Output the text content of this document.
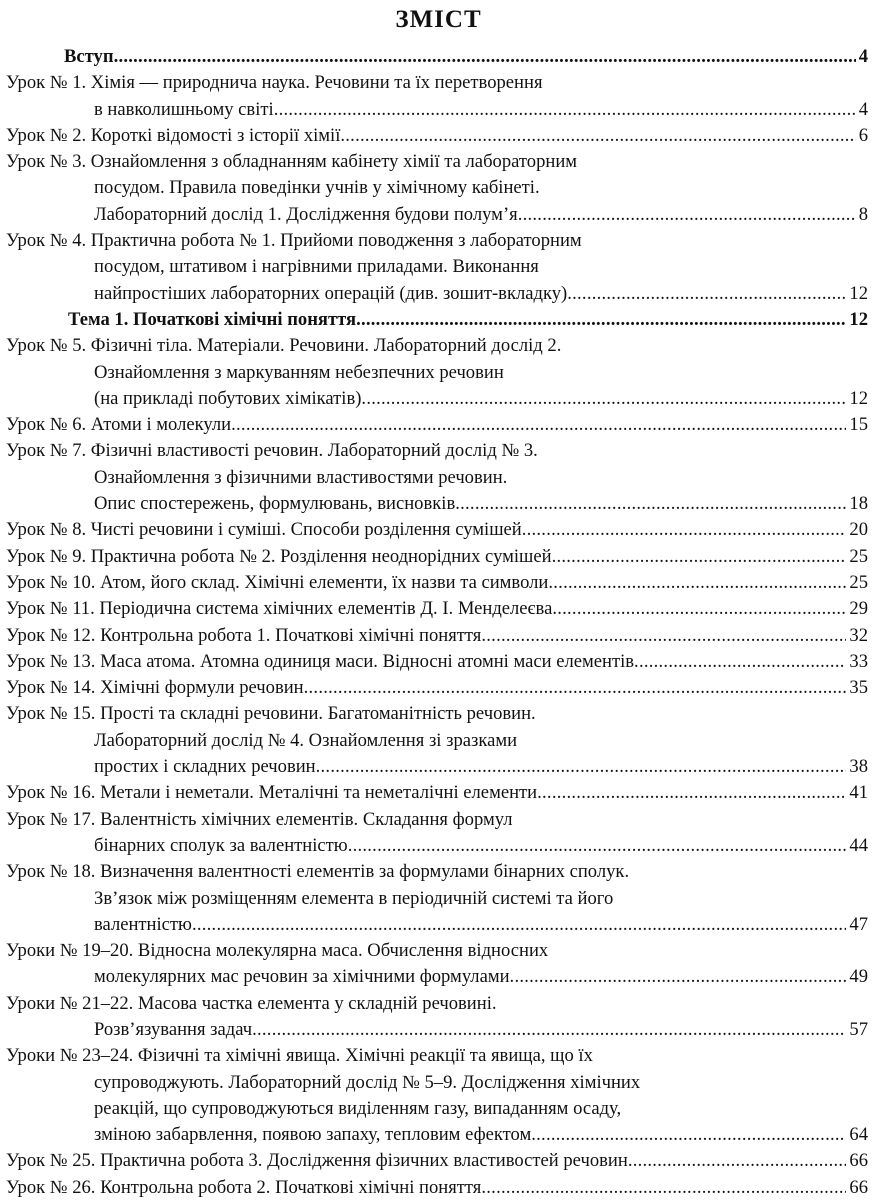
ЗМІСТ
Вступ . . .	4
Урок № 1. Хімія — природнича наука. Речовини та їх перетворення
в навколишньому світі . . .	4
Урок № 2. Короткі відомості з історії хімії . . .	6
Урок № 3. Ознайомлення з обладнанням кабінету хімії та лабораторним
посудом. Правила поведінки учнів у хімічному кабінеті.
Лабораторний дослід 1. Дослідження будови полум’я . . .	8
Урок № 4. Практична робота № 1. Прийоми поводження з лабораторним
посудом, штативом і нагрівними приладами. Виконання
найпростіших лабораторних операцій (див. зошит-вкладку) . . .	12
Тема 1. Початкові хімічні поняття . . .	12
Урок № 5. Фізичні тіла. Матеріали. Речовини. Лабораторний дослід 2.
Ознайомлення з маркуванням небезпечних речовин
(на прикладі побутових хімікатів) . . .	12
Урок № 6. Атоми і молекули . . .	15
Урок № 7. Фізичні властивості речовин. Лабораторний дослід № 3.
Ознайомлення з фізичними властивостями речовин.
Опис спостережень, формулювань, висновків . . .	18
Урок № 8. Чисті речовини і суміші. Способи розділення сумішей . . .	20
Урок № 9. Практична робота № 2. Розділення неоднорідних сумішей . . .	25
Урок № 10. Атом, його склад. Хімічні елементи, їх назви та символи . . .	25
Урок № 11. Періодична система хімічних елементів Д. І. Менделеєва . . .	29
Урок № 12. Контрольна робота 1. Початкові хімічні поняття . . .	32
Урок № 13. Маса атома. Атомна одиниця маси. Відносні атомні маси елементів . . .	33
Урок № 14. Хімічні формули речовин . . .	35
Урок № 15. Прості та складні речовини. Багатоманітність речовин.
Лабораторний дослід № 4. Ознайомлення зі зразками
простих і складних речовин . . .	38
Урок № 16. Метали і неметали. Металічні та неметалічні елементи . . .	41
Урок № 17. Валентність хімічних елементів. Складання формул
бінарних сполук за валентністю . . .	44
Урок № 18. Визначення валентності елементів за формулами бінарних сполук.
Зв’язок між розміщенням елемента в періодичній системі та його
валентністю . . .	47
Уроки № 19–20. Відносна молекулярна маса. Обчислення відносних
молекулярних мас речовин за хімічними формулами . . .	49
Уроки № 21–22. Масова частка елемента у складній речовині.
Розв’язування задач . . .	57
Уроки № 23–24. Фізичні та хімічні явища. Хімічні реакції та явища, що їх
супроводжують. Лабораторний дослід № 5–9. Дослідження хімічних
реакцій, що супроводжуються виділенням газу, випаданням осаду,
зміною забарвлення, появою запаху, тепловим ефектом . . .	64
Урок № 25. Практична робота 3. Дослідження фізичних властивостей речовин . . .	66
Урок № 26. Контрольна робота 2. Початкові хімічні поняття . . .	66
